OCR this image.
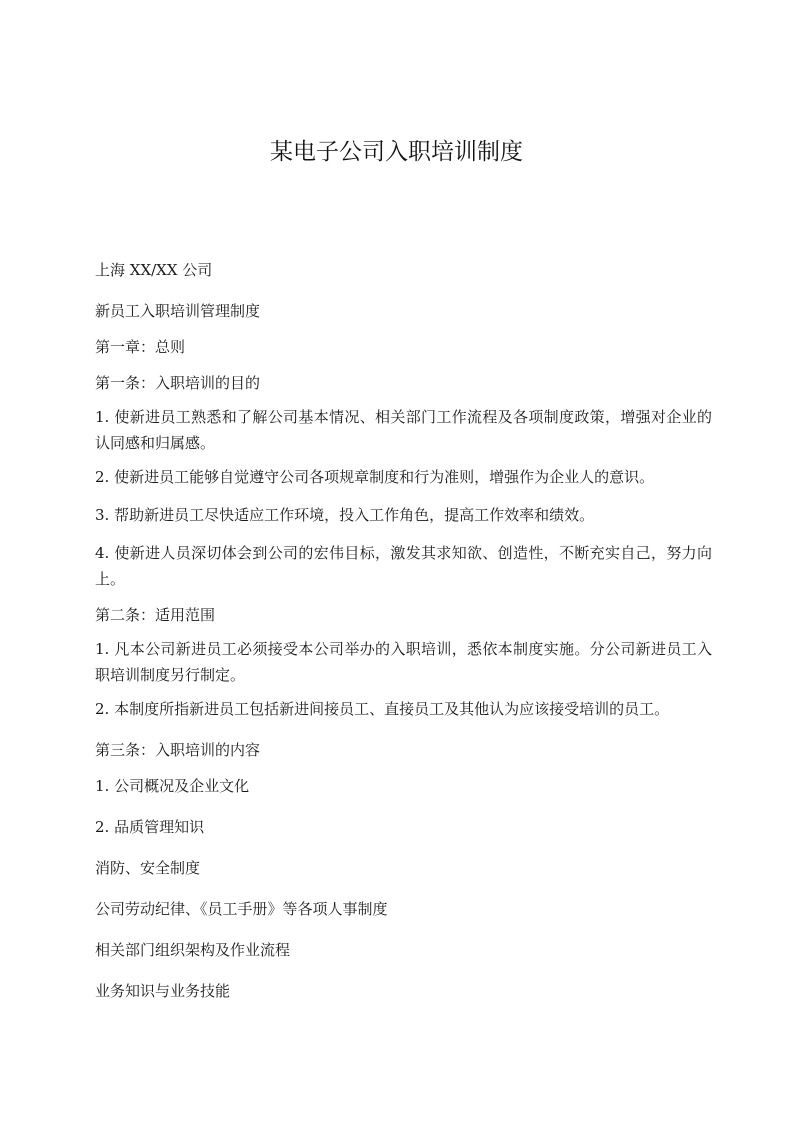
某电子公司入职培训制度

上海 XX/XX 公司

新员工入职培训管理制度

第一章：总则

第一条：入职培训的目的

1. 使新进员工熟悉和了解公司基本情况、相关部门工作流程及各项制度政策，增强对企业的认同感和归属感。

2. 使新进员工能够自觉遵守公司各项规章制度和行为准则，增强作为企业人的意识。

3. 帮助新进员工尽快适应工作环境，投入工作角色，提高工作效率和绩效。

4. 使新进人员深切体会到公司的宏伟目标，激发其求知欲、创造性，不断充实自己，努力向上。

第二条：适用范围

1. 凡本公司新进员工必须接受本公司举办的入职培训，悉依本制度实施。分公司新进员工入职培训制度另行制定。

2. 本制度所指新进员工包括新进间接员工、直接员工及其他认为应该接受培训的员工。

第三条：入职培训的内容

1. 公司概况及企业文化

2. 品质管理知识

消防、安全制度

公司劳动纪律、《员工手册》等各项人事制度

相关部门组织架构及作业流程

业务知识与业务技能
